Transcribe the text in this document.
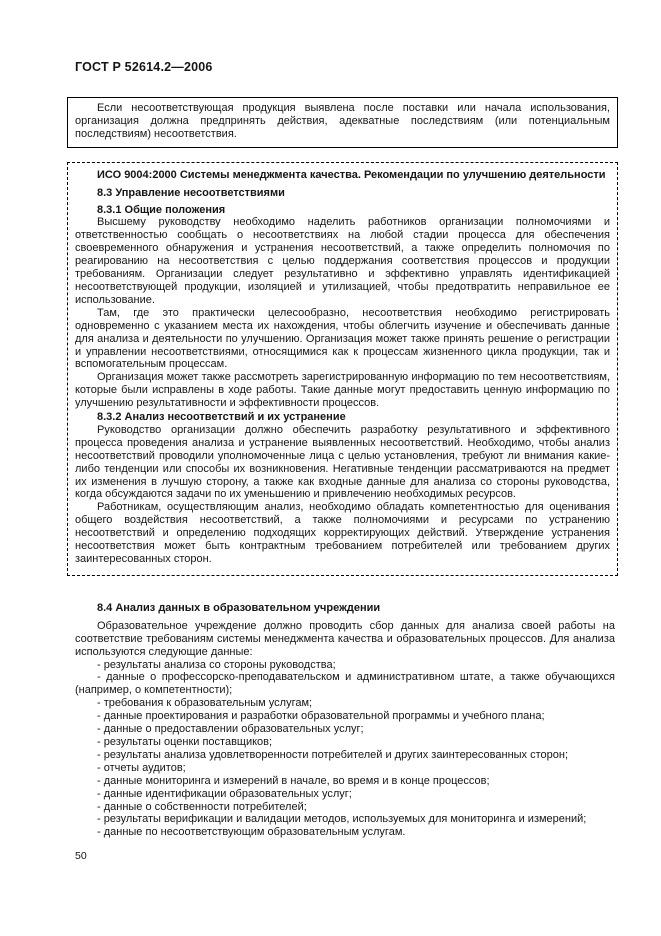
ГОСТ Р 52614.2—2006

Если несоответствующая продукция выявлена после поставки или начала использования, организация должна предпринять действия, адекватные последствиям (или потенциальным последствиям) несоответствия.

ИСО 9004:2000 Системы менеджмента качества. Рекомендации по улучшению деятельности

8.3 Управление несоответствиями

8.3.1 Общие положения

Высшему руководству необходимо наделить работников организации полномочиями и ответственностью сообщать о несоответствиях на любой стадии процесса для обеспечения своевременного обнаружения и устранения несоответствий, а также определить полномочия по реагированию на несоответствия с целью поддержания соответствия процессов и продукции требованиям. Организации следует результативно и эффективно управлять идентификацией несоответствующей продукции, изоляцией и утилизацией, чтобы предотвратить неправильное ее использование.

Там, где это практически целесообразно, несоответствия необходимо регистрировать одновременно с указанием места их нахождения, чтобы облегчить изучение и обеспечивать данные для анализа и деятельности по улучшению. Организация может также принять решение о регистрации и управлении несоответствиями, относящимися как к процессам жизненного цикла продукции, так и вспомогательным процессам.

Организация может также рассмотреть зарегистрированную информацию по тем несоответствиям, которые были исправлены в ходе работы. Такие данные могут предоставить ценную информацию по улучшению результативности и эффективности процессов.

8.3.2 Анализ несоответствий и их устранение

Руководство организации должно обеспечить разработку результативного и эффективного процесса проведения анализа и устранение выявленных несоответствий. Необходимо, чтобы анализ несоответствий проводили уполномоченные лица с целью установления, требуют ли внимания какие-либо тенденции или способы их возникновения. Негативные тенденции рассматриваются на предмет их изменения в лучшую сторону, а также как входные данные для анализа со стороны руководства, когда обсуждаются задачи по их уменьшению и привлечению необходимых ресурсов.

Работникам, осуществляющим анализ, необходимо обладать компетентностью для оценивания общего воздействия несоответствий, а также полномочиями и ресурсами по устранению несоответствий и определению подходящих корректирующих действий. Утверждение устранения несоответствия может быть контрактным требованием потребителей или требованием других заинтересованных сторон.

8.4 Анализ данных в образовательном учреждении

Образовательное учреждение должно проводить сбор данных для анализа своей работы на соответствие требованиям системы менеджмента качества и образовательных процессов. Для анализа используются следующие данные:

- результаты анализа со стороны руководства;

- данные о профессорско-преподавательском и административном штате, а также обучающихся (например, о компетентности);

- требования к образовательным услугам;

- данные проектирования и разработки образовательной программы и учебного плана;

- данные о предоставлении образовательных услуг;

- результаты оценки поставщиков;

- результаты анализа удовлетворенности потребителей и других заинтересованных сторон;

- отчеты аудитов;

- данные мониторинга и измерений в начале, во время и в конце процессов;

- данные идентификации образовательных услуг;

- данные о собственности потребителей;

- результаты верификации и валидации методов, используемых для мониторинга и измерений;

- данные по несоответствующим образовательным услугам.

50
